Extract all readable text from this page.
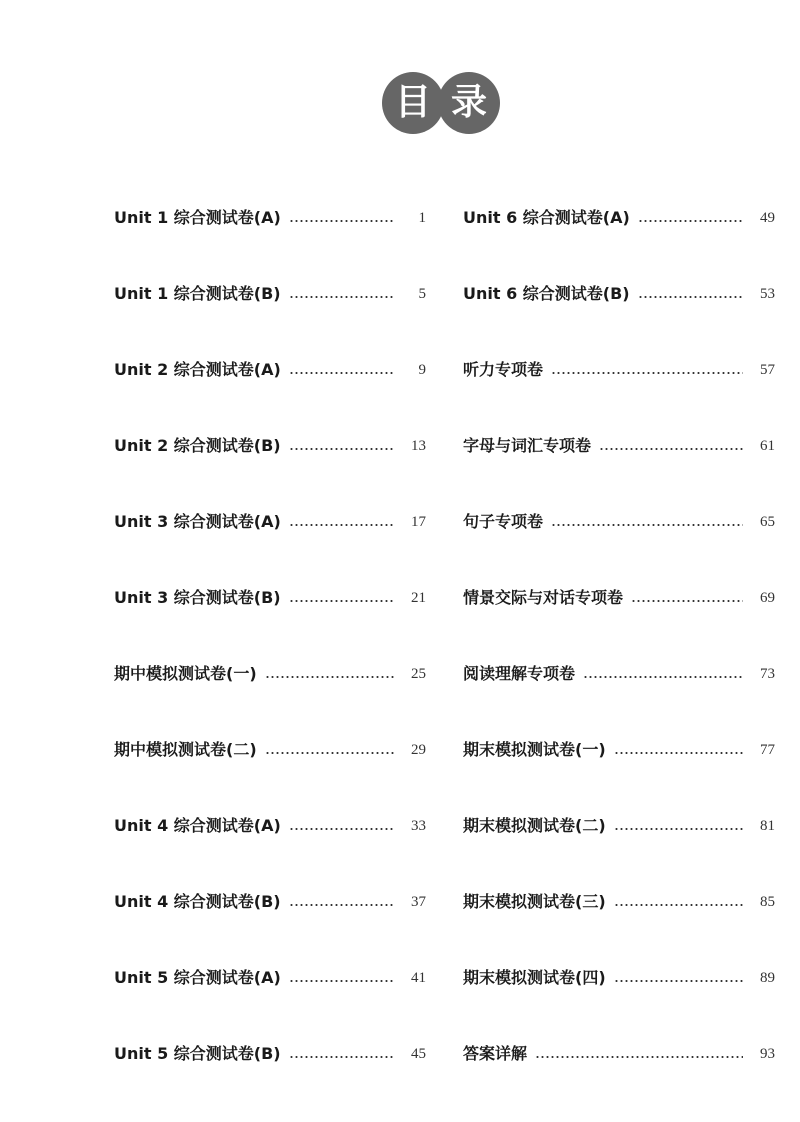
目 录
Unit 1 综合测试卷(A)	1
Unit 1 综合测试卷(B)	5
Unit 2 综合测试卷(A)	9
Unit 2 综合测试卷(B)	13
Unit 3 综合测试卷(A)	17
Unit 3 综合测试卷(B)	21
期中模拟测试卷(一)	25
期中模拟测试卷(二)	29
Unit 4 综合测试卷(A)	33
Unit 4 综合测试卷(B)	37
Unit 5 综合测试卷(A)	41
Unit 5 综合测试卷(B)	45
Unit 6 综合测试卷(A)	49
Unit 6 综合测试卷(B)	53
听力专项卷	57
字母与词汇专项卷	61
句子专项卷	65
情景交际与对话专项卷	69
阅读理解专项卷	73
期末模拟测试卷(一)	77
期末模拟测试卷(二)	81
期末模拟测试卷(三)	85
期末模拟测试卷(四)	89
答案详解	93
